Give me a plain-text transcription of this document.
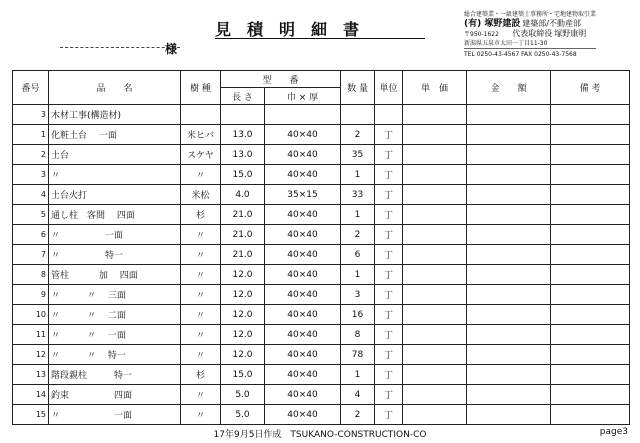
様
見積明細書
総合建築業・一級建築士事務所・宅地建物取引業
(有) 塚野建設 建築部/不動産部
〒950-1622 代表取締役 塚野康明
新潟県五泉市太田一丁目11-30
TEL 0250-43-4567 FAX 0250-43-7568
番号	品　　名	樹 種	型　　番		数 量	単位	単　価	金　　額	備 考
			長 さ	巾 × 厚					
3	木材工事(構造材)								
1	化粧土台　 一面	米ヒバ	13.0	40×40	2	丁			
2	土台	スケヤ	13.0	40×40	35	丁			
3	〃	〃	15.0	40×40	1	丁			
4	土台火打	米松	4.0	35×15	33	丁			
5	通し柱　客間　 四面	杉	21.0	40×40	1	丁			
6	〃　　　　　一面	〃	21.0	40×40	2	丁			
7	〃　　　　　特一	〃	21.0	40×40	6	丁			
8	管柱　　　 加　 四面	〃	12.0	40×40	1	丁			
9	〃　　　〃　 三面	〃	12.0	40×40	3	丁			
10	〃　　　〃　 二面	〃	12.0	40×40	16	丁			
11	〃　　　〃　 一面	〃	12.0	40×40	8	丁			
12	〃　　　〃　 特一	〃	12.0	40×40	78	丁			
13	階段親柱　　　特一	杉	15.0	40×40	1	丁			
14	釣束　　　　　四面	〃	5.0	40×40	4	丁			
15	〃　　　　　　一面	〃	5.0	40×40	2	丁			
17年9月5日作成　TSUKANO-CONSTRUCTION-CO	page3
